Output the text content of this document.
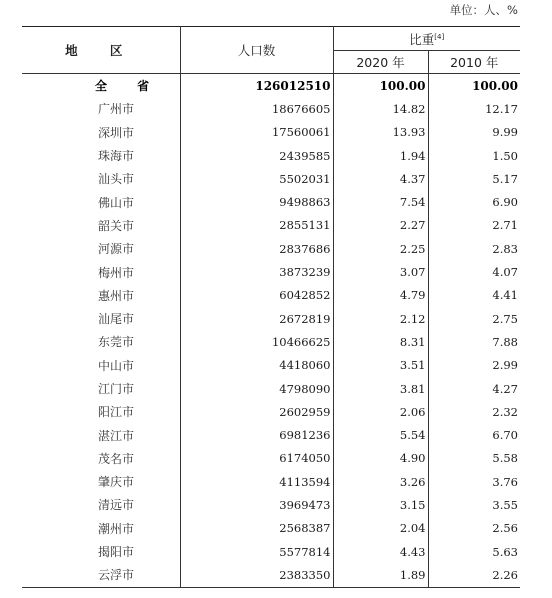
单位：人、%
地 区	人口数	比重[4]
		2020 年	2010 年
全 省	126012510	100.00	100.00
广州市	18676605	14.82	12.17
深圳市	17560061	13.93	9.99
珠海市	2439585	1.94	1.50
汕头市	5502031	4.37	5.17
佛山市	9498863	7.54	6.90
韶关市	2855131	2.27	2.71
河源市	2837686	2.25	2.83
梅州市	3873239	3.07	4.07
惠州市	6042852	4.79	4.41
汕尾市	2672819	2.12	2.75
东莞市	10466625	8.31	7.88
中山市	4418060	3.51	2.99
江门市	4798090	3.81	4.27
阳江市	2602959	2.06	2.32
湛江市	6981236	5.54	6.70
茂名市	6174050	4.90	5.58
肇庆市	4113594	3.26	3.76
清远市	3969473	3.15	3.55
潮州市	2568387	2.04	2.56
揭阳市	5577814	4.43	5.63
云浮市	2383350	1.89	2.26
